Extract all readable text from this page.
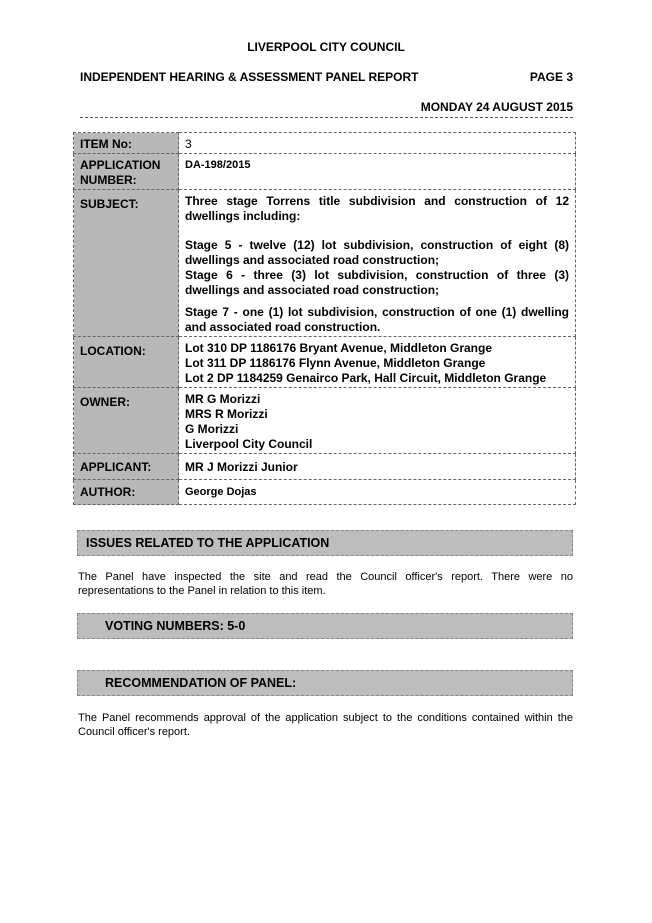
LIVERPOOL CITY COUNCIL
INDEPENDENT HEARING & ASSESSMENT PANEL REPORT	PAGE 3
MONDAY 24 AUGUST 2015
ITEM No:	3
APPLICATION NUMBER:	DA-198/2015
SUBJECT:	Three stage Torrens title subdivision and construction of 12 dwellings including:
Stage 5 - twelve (12) lot subdivision, construction of eight (8) dwellings and associated road construction;
Stage 6 - three (3) lot subdivision, construction of three (3) dwellings and associated road construction;
Stage 7 - one (1) lot subdivision, construction of one (1) dwelling and associated road construction.

LOCATION:	Lot 310 DP 1186176 Bryant Avenue, Middleton Grange
Lot 311 DP 1186176 Flynn Avenue, Middleton Grange
Lot 2 DP 1184259 Genairco Park, Hall Circuit, Middleton Grange

OWNER:	MR G Morizzi
MRS R Morizzi
G Morizzi
Liverpool City Council

APPLICANT:	MR J Morizzi Junior
AUTHOR:	George Dojas
ISSUES RELATED TO THE APPLICATION
The Panel have inspected the site and read the Council officer's report. There were no representations to the Panel in relation to this item.
VOTING NUMBERS: 5-0
RECOMMENDATION OF PANEL:
The Panel recommends approval of the application subject to the conditions contained within the Council officer's report.
